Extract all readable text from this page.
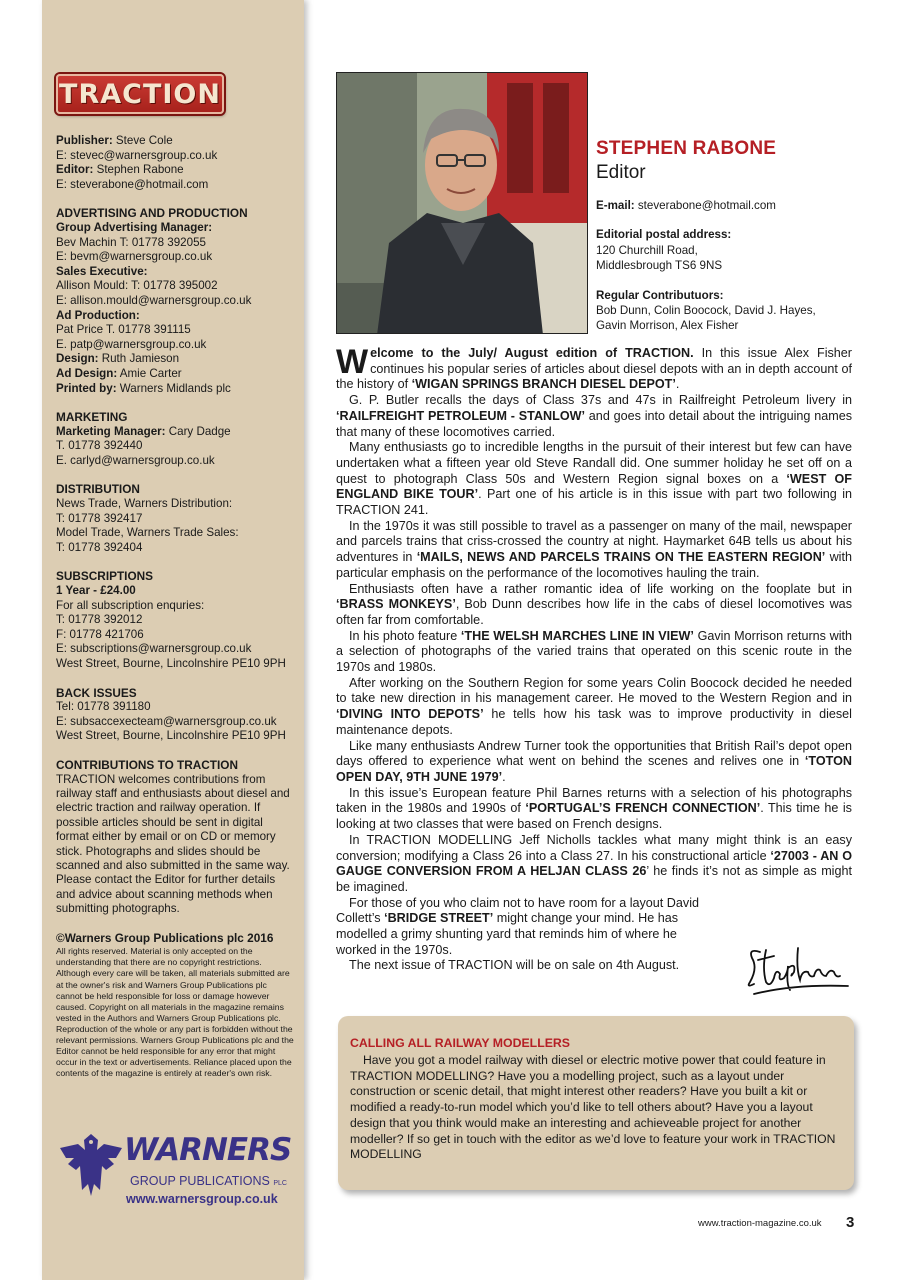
TRACTION
Publisher: Steve Cole
E: stevec@warnersgroup.co.uk
Editor: Stephen Rabone
E: steverabone@hotmail.com
ADVERTISING AND PRODUCTION
Group Advertising Manager:
Bev Machin T: 01778 392055
E: bevm@warnersgroup.co.uk
Sales Executive:
Allison Mould: T: 01778 395002
E: allison.mould@warnersgroup.co.uk
Ad Production:
Pat Price T. 01778 391115
E. patp@warnersgroup.co.uk
Design: Ruth Jamieson
Ad Design: Amie Carter
Printed by: Warners Midlands plc
MARKETING
Marketing Manager: Cary Dadge
T. 01778 392440
E. carlyd@warnersgroup.co.uk
DISTRIBUTION
News Trade, Warners Distribution:
T: 01778 392417
Model Trade, Warners Trade Sales:
T: 01778 392404
SUBSCRIPTIONS
1 Year - £24.00
For all subscription enquries:
T: 01778 392012
F: 01778 421706
E: subscriptions@warnersgroup.co.uk
West Street, Bourne, Lincolnshire PE10 9PH
BACK ISSUES
Tel: 01778 391180
E: subsaccexecteam@warnersgroup.co.uk
West Street, Bourne, Lincolnshire PE10 9PH
CONTRIBUTIONS TO TRACTION
TRACTION welcomes contributions from railway staff and enthusiasts about diesel and electric traction and railway operation. If possible articles should be sent in digital format either by email or on CD or memory stick. Photographs and slides should be scanned and also submitted in the same way. Please contact the Editor for further details and advice about scanning methods when submitting photographs.
©Warners Group Publications plc 2016
All rights reserved. Material is only accepted on the understanding that there are no copyright restrictions. Although every care will be taken, all materials submitted are at the owner's risk and Warners Group Publications plc cannot be held responsible for loss or damage however caused. Copyright on all materials in the magazine remains vested in the Authors and Warners Group Publications plc. Reproduction of the whole or any part is forbidden without the relevant permissions. Warners Group Publications plc and the Editor cannot be held responsible for any error that might occur in the text or advertisements. Reliance placed upon the contents of the magazine is entirely at reader's own risk.
WARNERS
GROUP PUBLICATIONS PLC
www.warnersgroup.co.uk
STEPHEN RABONE
Editor
E-mail: steverabone@hotmail.com
Editorial postal address:
120 Churchill Road,
Middlesbrough TS6 9NS
Regular Contributuors:
Bob Dunn, Colin Boocock, David J. Hayes,
Gavin Morrison, Alex Fisher

Welcome to the July/ August edition of TRACTION. In this issue Alex Fisher continues his popular series of articles about diesel depots with an in depth account of the history of ‘WIGAN SPRINGS BRANCH DIESEL DEPOT’.

G. P. Butler recalls the days of Class 37s and 47s in Railfreight Petroleum livery in ‘RAILFREIGHT PETROLEUM - STANLOW’ and goes into detail about the intriguing names that many of these locomotives carried.

Many enthusiasts go to incredible lengths in the pursuit of their interest but few can have undertaken what a fifteen year old Steve Randall did. One summer holiday he set off on a quest to photograph Class 50s and Western Region signal boxes on a ‘WEST OF ENGLAND BIKE TOUR’. Part one of his article is in this issue with part two following in TRACTION 241.

In the 1970s it was still possible to travel as a passenger on many of the mail, newspaper and parcels trains that criss-crossed the country at night. Haymarket 64B tells us about his adventures in ‘MAILS, NEWS AND PARCELS TRAINS ON THE EASTERN REGION’ with particular emphasis on the performance of the locomotives hauling the train.

Enthusiasts often have a rather romantic idea of life working on the fooplate but in ‘BRASS MONKEYS’, Bob Dunn describes how life in the cabs of diesel locomotives was often far from comfortable.

In his photo feature ‘THE WELSH MARCHES LINE IN VIEW’ Gavin Morrison returns with a selection of photographs of the varied trains that operated on this scenic route in the 1970s and 1980s.

After working on the Southern Region for some years Colin Boocock decided he needed to take new direction in his management career. He moved to the Western Region and in ‘DIVING INTO DEPOTS’ he tells how his task was to improve productivity in diesel maintenance depots.

Like many enthusiasts Andrew Turner took the opportunities that British Rail’s depot open days offered to experience what went on behind the scenes and relives one in ‘TOTON OPEN DAY, 9TH JUNE 1979’.

In this issue’s European feature Phil Barnes returns with a selection of his photographs taken in the 1980s and 1990s of ‘PORTUGAL’S FRENCH CONNECTION’. This time he is looking at two classes that were based on French designs.

In TRACTION MODELLING Jeff Nicholls tackles what many might think is an easy conversion; modifying a Class 26 into a Class 27. In his constructional article ‘27003 - AN O GAUGE CONVERSION FROM A HELJAN CLASS 26’ he finds it’s not as simple as might be imagined.

For those of you who claim not to have room for a layout David Collett’s ‘BRIDGE STREET’ might change your mind. He has modelled a grimy shunting yard that reminds him of where he worked in the 1970s.

The next issue of TRACTION will be on sale on 4th August.

Stephen
CALLING ALL RAILWAY MODELLERS
Have you got a model railway with diesel or electric motive power that could feature in TRACTION MODELLING? Have you a modelling project, such as a layout under construction or scenic detail, that might interest other readers? Have you built a kit or modified a ready-to-run model which you’d like to tell others about? Have you a layout design that you think would make an interesting and achieveable project for another modeller? If so get in touch with the editor as we’d love to feature your work in TRACTION MODELLING
www.traction-magazine.co.uk 3
